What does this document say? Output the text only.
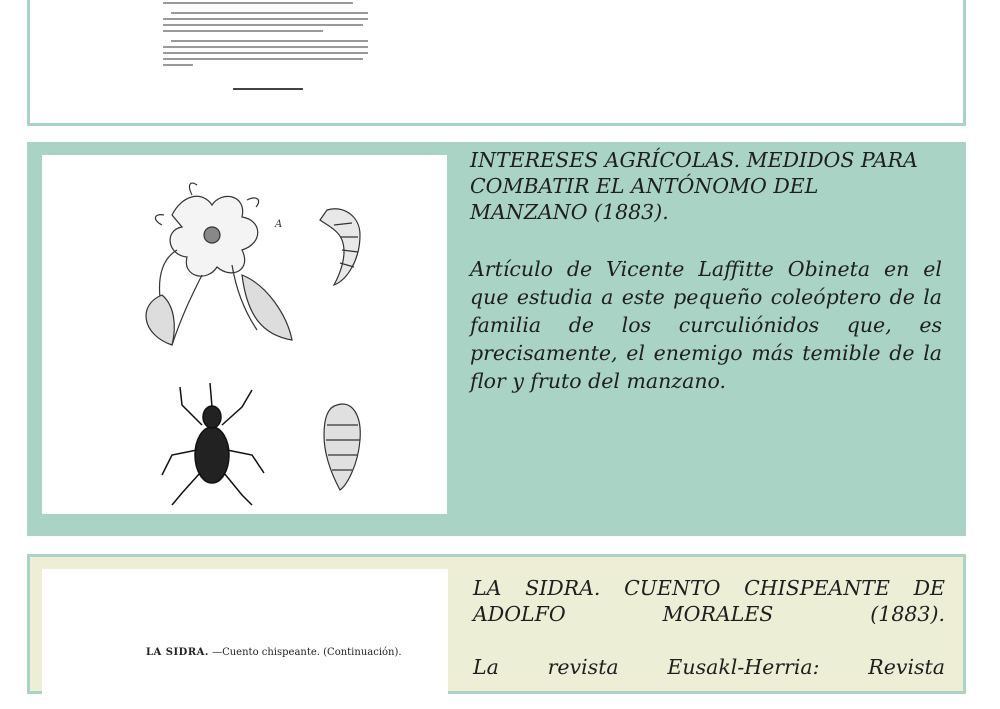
A
INTERESES AGRÍCOLAS. MEDIDOS PARA COMBATIR EL ANTÓNOMO DEL MANZANO (1883).

Artículo de Vicente Laffitte Obineta en el que estudia a este pequeño coleóptero de la familia de los curculiónidos que, es precisamente, el enemigo más temible de la flor y fruto del manzano.

LA SIDRA. —Cuento chispeante. (Continuación).
LA SIDRA. CUENTO CHISPEANTE DE ADOLFO MORALES (1883).

La revista Eusakl-Herria: Revista
